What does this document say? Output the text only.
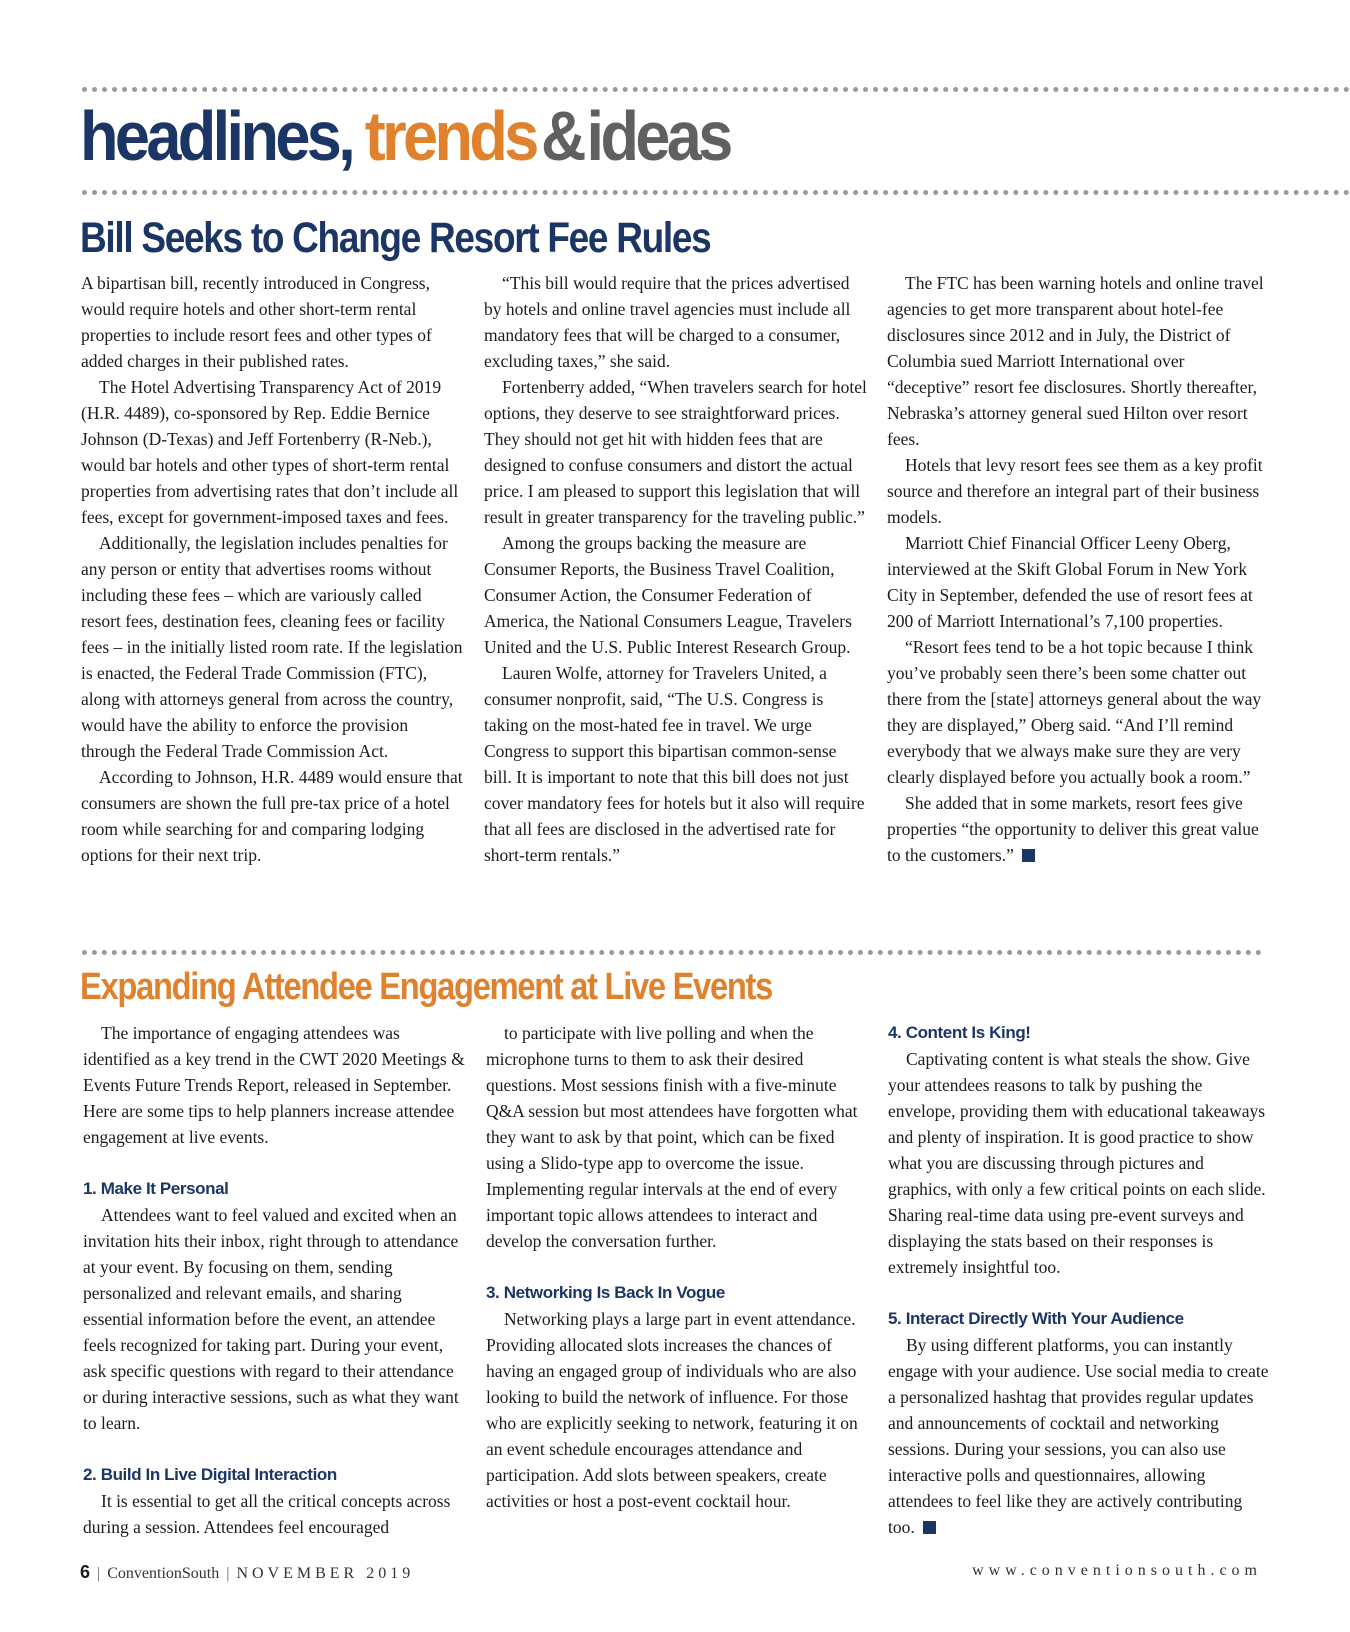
headlines, trends&ideas
Bill Seeks to Change Resort Fee Rules

A bipartisan bill, recently introduced in Congress, would require hotels and other short-term rental properties to include resort fees and other types of added charges in their published rates.

The Hotel Advertising Transparency Act of 2019 (H.R. 4489), co-sponsored by Rep. Eddie Bernice Johnson (D-Texas) and Jeff Fortenberry (R-Neb.), would bar hotels and other types of short-term rental properties from advertising rates that don’t include all fees, except for government-imposed taxes and fees.

Additionally, the legislation includes penalties for any person or entity that advertises rooms without including these fees – which are variously called resort fees, destination fees, cleaning fees or facility fees – in the initially listed room rate. If the legislation is enacted, the Federal Trade Commission (FTC), along with attorneys general from across the country, would have the ability to enforce the provision through the Federal Trade Commission Act.

According to Johnson, H.R. 4489 would ensure that consumers are shown the full pre-tax price of a hotel room while searching for and comparing lodging options for their next trip.

“This bill would require that the prices advertised by hotels and online travel agencies must include all mandatory fees that will be charged to a consumer, excluding taxes,” she said.

Fortenberry added, “When travelers search for hotel options, they deserve to see straightforward prices. They should not get hit with hidden fees that are designed to confuse consumers and distort the actual price. I am pleased to support this legislation that will result in greater transparency for the traveling public.”

Among the groups backing the measure are Consumer Reports, the Business Travel Coalition, Consumer Action, the Consumer Federation of America, the National Consumers League, Travelers United and the U.S. Public Interest Research Group.

Lauren Wolfe, attorney for Travelers United, a consumer nonprofit, said, “The U.S. Congress is taking on the most-hated fee in travel. We urge Congress to support this bipartisan common-sense bill. It is important to note that this bill does not just cover mandatory fees for hotels but it also will require that all fees are disclosed in the advertised rate for short-term rentals.”

The FTC has been warning hotels and online travel agencies to get more transparent about hotel-fee disclosures since 2012 and in July, the District of Columbia sued Marriott International over “deceptive” resort fee disclosures. Shortly thereafter, Nebraska’s attorney general sued Hilton over resort fees.

Hotels that levy resort fees see them as a key profit source and therefore an integral part of their business models.

Marriott Chief Financial Officer Leeny Oberg, interviewed at the Skift Global Forum in New York City in September, defended the use of resort fees at 200 of Marriott International’s 7,100 properties.

“Resort fees tend to be a hot topic because I think you’ve probably seen there’s been some chatter out there from the [state] attorneys general about the way they are displayed,” Oberg said. “And I’ll remind everybody that we always make sure they are very clearly displayed before you actually book a room.”

She added that in some markets, resort fees give properties “the opportunity to deliver this great value to the customers.”

Expanding Attendee Engagement at Live Events

The importance of engaging attendees was identified as a key trend in the CWT 2020 Meetings & Events Future Trends Report, released in September. Here are some tips to help planners increase attendee engagement at live events.

1. Make It Personal

Attendees want to feel valued and excited when an invitation hits their inbox, right through to attendance at your event. By focusing on them, sending personalized and relevant emails, and sharing essential information before the event, an attendee feels recognized for taking part. During your event, ask specific questions with regard to their attendance or during interactive sessions, such as what they want to learn.

2. Build In Live Digital Interaction

It is essential to get all the critical concepts across during a session. Attendees feel encouraged

to participate with live polling and when the microphone turns to them to ask their desired questions. Most sessions finish with a five-minute Q&A session but most attendees have forgotten what they want to ask by that point, which can be fixed using a Slido-type app to overcome the issue. Implementing regular intervals at the end of every important topic allows attendees to interact and develop the conversation further.

3. Networking Is Back In Vogue

Networking plays a large part in event attendance. Providing allocated slots increases the chances of having an engaged group of individuals who are also looking to build the network of influence. For those who are explicitly seeking to network, featuring it on an event schedule encourages attendance and participation. Add slots between speakers, create activities or host a post-event cocktail hour.

4. Content Is King!

Captivating content is what steals the show. Give your attendees reasons to talk by pushing the envelope, providing them with educational takeaways and plenty of inspiration. It is good practice to show what you are discussing through pictures and graphics, with only a few critical points on each slide. Sharing real-time data using pre-event surveys and displaying the stats based on their responses is extremely insightful too.

5. Interact Directly With Your Audience

By using different platforms, you can instantly engage with your audience. Use social media to create a personalized hashtag that provides regular updates and announcements of cocktail and networking sessions. During your sessions, you can also use interactive polls and questionnaires, allowing attendees to feel like they are actively contributing too.

6 | ConventionSouth | NOVEMBER 2019	www.conventionsouth.com
